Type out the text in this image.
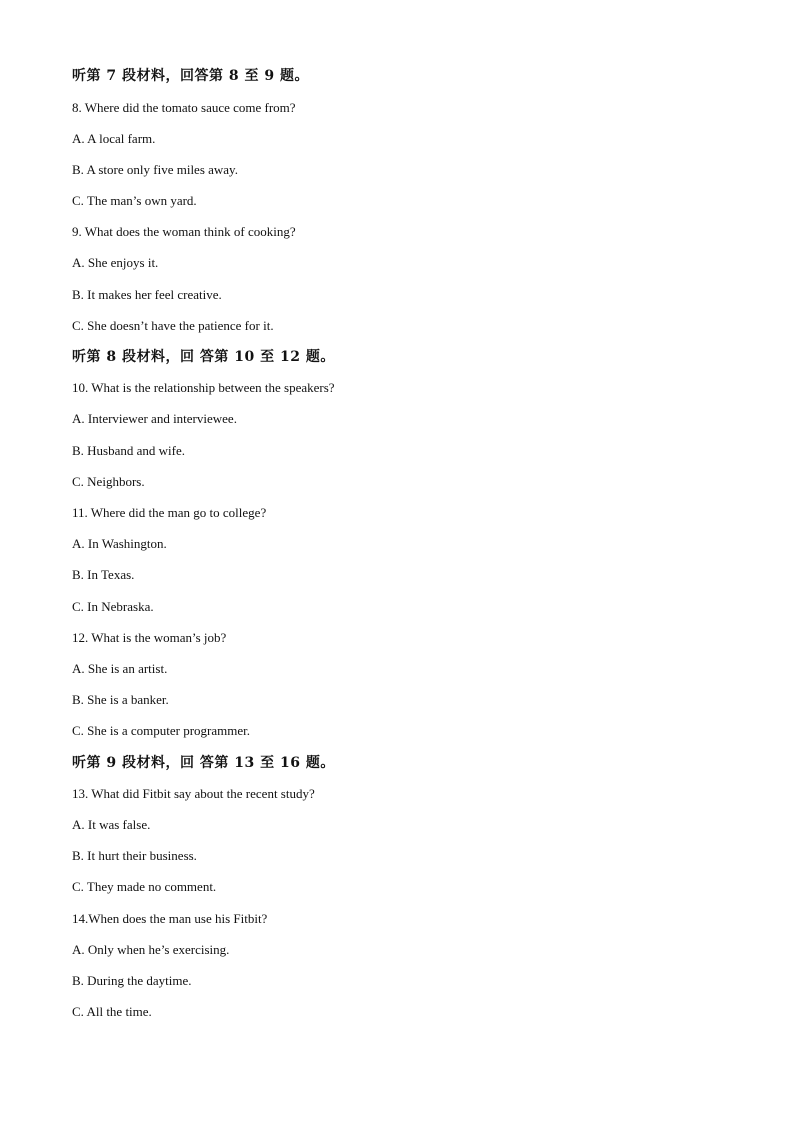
听第 7 段材料，回答第 8 至 9 题。
8. Where did the tomato sauce come from?
A. A local farm.
B. A store only five miles away.
C. The man’s own yard.
9. What does the woman think of cooking?
A. She enjoys it.
B. It makes her feel creative.
C. She doesn’t have the patience for it.
听第 8 段材料，回 答第 10 至 12 题。
10. What is the relationship between the speakers?
A. Interviewer and interviewee.
B. Husband and wife.
C. Neighbors.
11. Where did the man go to college?
A. In Washington.
B. In Texas.
C. In Nebraska.
12. What is the woman’s job?
A. She is an artist.
B. She is a banker.
C. She is a computer programmer.
听第 9 段材料，回 答第 13 至 16 题。
13. What did Fitbit say about the recent study?
A. It was false.
B. It hurt their business.
C. They made no comment.
14.When does the man use his Fitbit?
A. Only when he’s exercising.
B. During the daytime.
C. All the time.
